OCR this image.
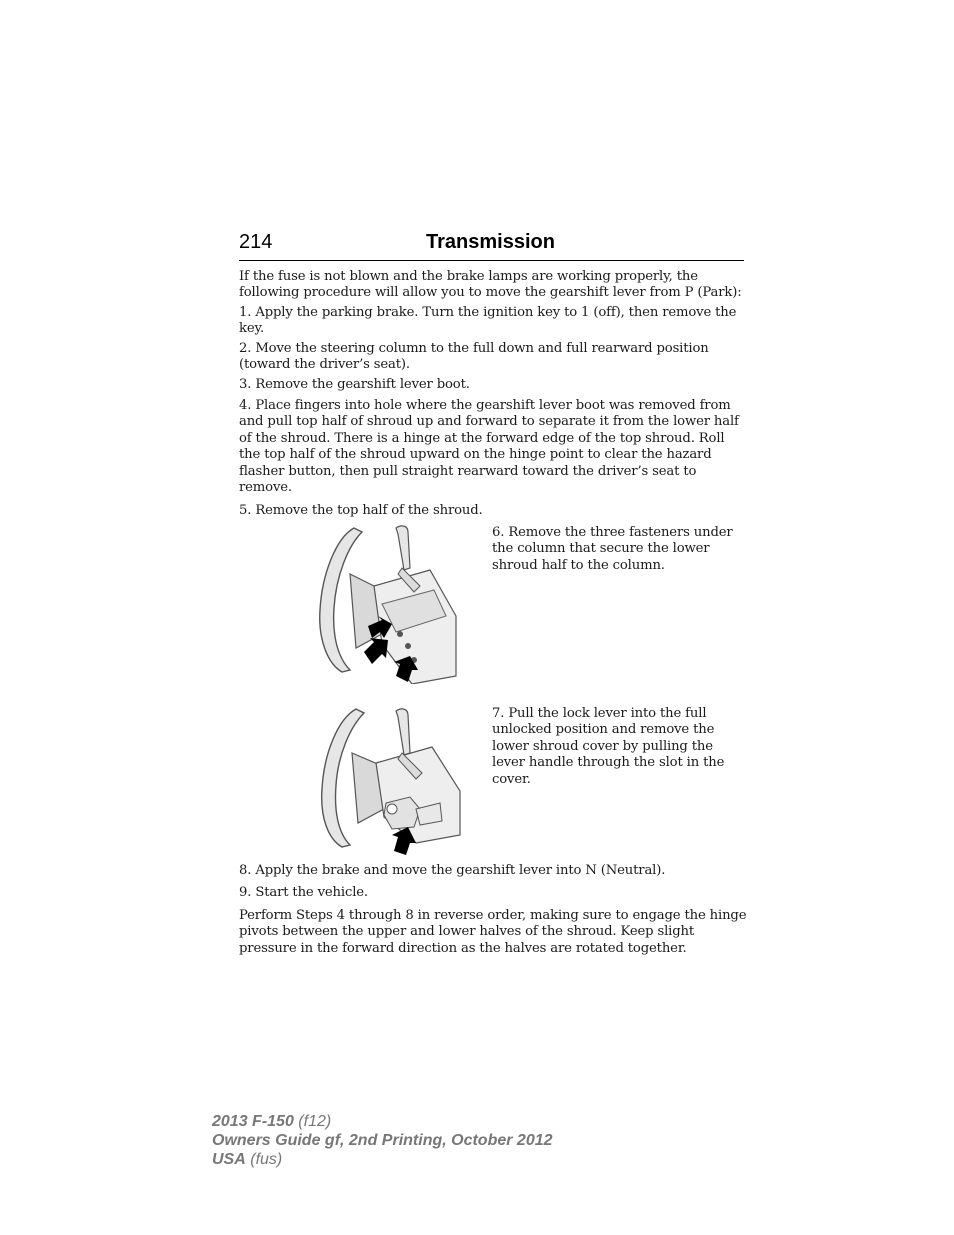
214	Transmission

If the fuse is not blown and the brake lamps are working properly, the following procedure will allow you to move the gearshift lever from P (Park):

1. Apply the parking brake. Turn the ignition key to 1 (off), then remove the key.

2. Move the steering column to the full down and full rearward position (toward the driver’s seat).

3. Remove the gearshift lever boot.

4. Place fingers into hole where the gearshift lever boot was removed from and pull top half of shroud up and forward to separate it from the lower half of the shroud. There is a hinge at the forward edge of the top shroud. Roll the top half of the shroud upward on the hinge point to clear the hazard flasher button, then pull straight rearward toward the driver’s seat to remove.

5. Remove the top half of the shroud.

6. Remove the three fasteners under the column that secure the lower shroud half to the column.

7. Pull the lock lever into the full unlocked position and remove the lower shroud cover by pulling the lever handle through the slot in the cover.

8. Apply the brake and move the gearshift lever into N (Neutral).

9. Start the vehicle.

Perform Steps 4 through 8 in reverse order, making sure to engage the hinge pivots between the upper and lower halves of the shroud. Keep slight pressure in the forward direction as the halves are rotated together.

2013 F-150 (f12)
Owners Guide gf, 2nd Printing, October 2012
USA (fus)
